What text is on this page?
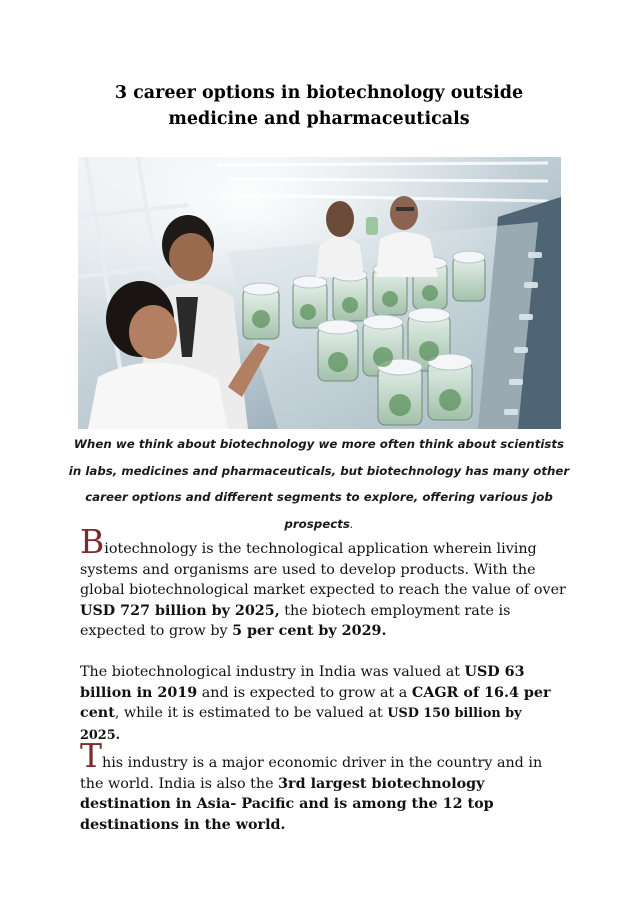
3 career options in biotechnology outside
medicine and pharmaceuticals
When we think about biotechnology we more often think about scientists in labs, medicines and pharmaceuticals, but biotechnology has many other career options and different segments to explore, offering various job prospects.
Biotechnology is the technological application wherein living systems and organisms are used to develop products. With the global biotechnological market expected to reach the value of over USD 727 billion by 2025, the biotech employment rate is expected to grow by 5 per cent by 2029.
The biotechnological industry in India was valued at USD 63 billion in 2019 and is expected to grow at a CAGR of 16.4 per cent, while it is estimated to be valued at USD 150 billion by 2025.
This industry is a major economic driver in the country and in the world. India is also the 3rd largest biotechnology destination in Asia- Pacific and is among the 12 top destinations in the world.
